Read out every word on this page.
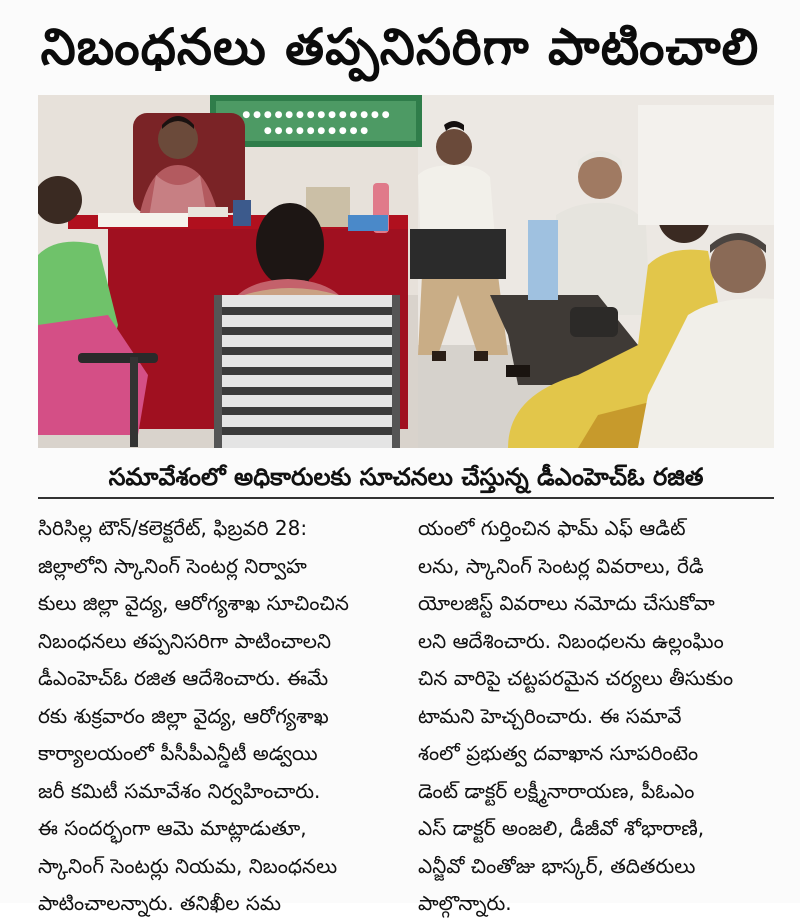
నిబంధనలు తప్పనిసరిగా పాటించాలి
● ● ● ● ● ● ● ● ● ● ● ● ● ●
● ● ● ● ● ● ● ● ● ●
సమావేశంలో అధికారులకు సూచనలు చేస్తున్న డీఎంహెచ్ఓ రజిత
సిరిసిల్ల టౌన్/కలెక్టరేట్, ఫిబ్రవరి 28:
జిల్లాలోని స్కానింగ్ సెంటర్ల నిర్వాహ
కులు జిల్లా వైద్య, ఆరోగ్యశాఖ సూచించిన
నిబంధనలు తప్పనిసరిగా పాటించాలని
డీఎంహెచ్ఓ రజిత ఆదేశించారు. ఈమే
రకు శుక్రవారం జిల్లా వైద్య, ఆరోగ్యశాఖ
కార్యాలయంలో పీసీపీఎన్డీటీ అడ్వయి
జరీ కమిటీ సమావేశం నిర్వహించారు.
ఈ సందర్భంగా ఆమె మాట్లాడుతూ,
స్కానింగ్ సెంటర్లు నియమ, నిబంధనలు
పాటించాలన్నారు. తనిఖీల సమ
యంలో గుర్తించిన ఫామ్ ఎఫ్ ఆడిట్
లను, స్కానింగ్ సెంటర్ల వివరాలు, రేడి
యోలజిస్ట్ వివరాలు నమోదు చేసుకోవా
లని ఆదేశించారు. నిబంధలను ఉల్లంఘిం
చిన వారిపై చట్టపరమైన చర్యలు తీసుకుం
టామని హెచ్చరించారు. ఈ సమావే
శంలో ప్రభుత్వ దవాఖాన సూపరింటెం
డెంట్ డాక్టర్ లక్ష్మీనారాయణ, పీఓఎం
ఎస్ డాక్టర్ అంజలి, డీజీవో శోభారాణి,
ఎన్జీవో చింతోజు భాస్కర్, తదితరులు
పాల్గొన్నారు.
